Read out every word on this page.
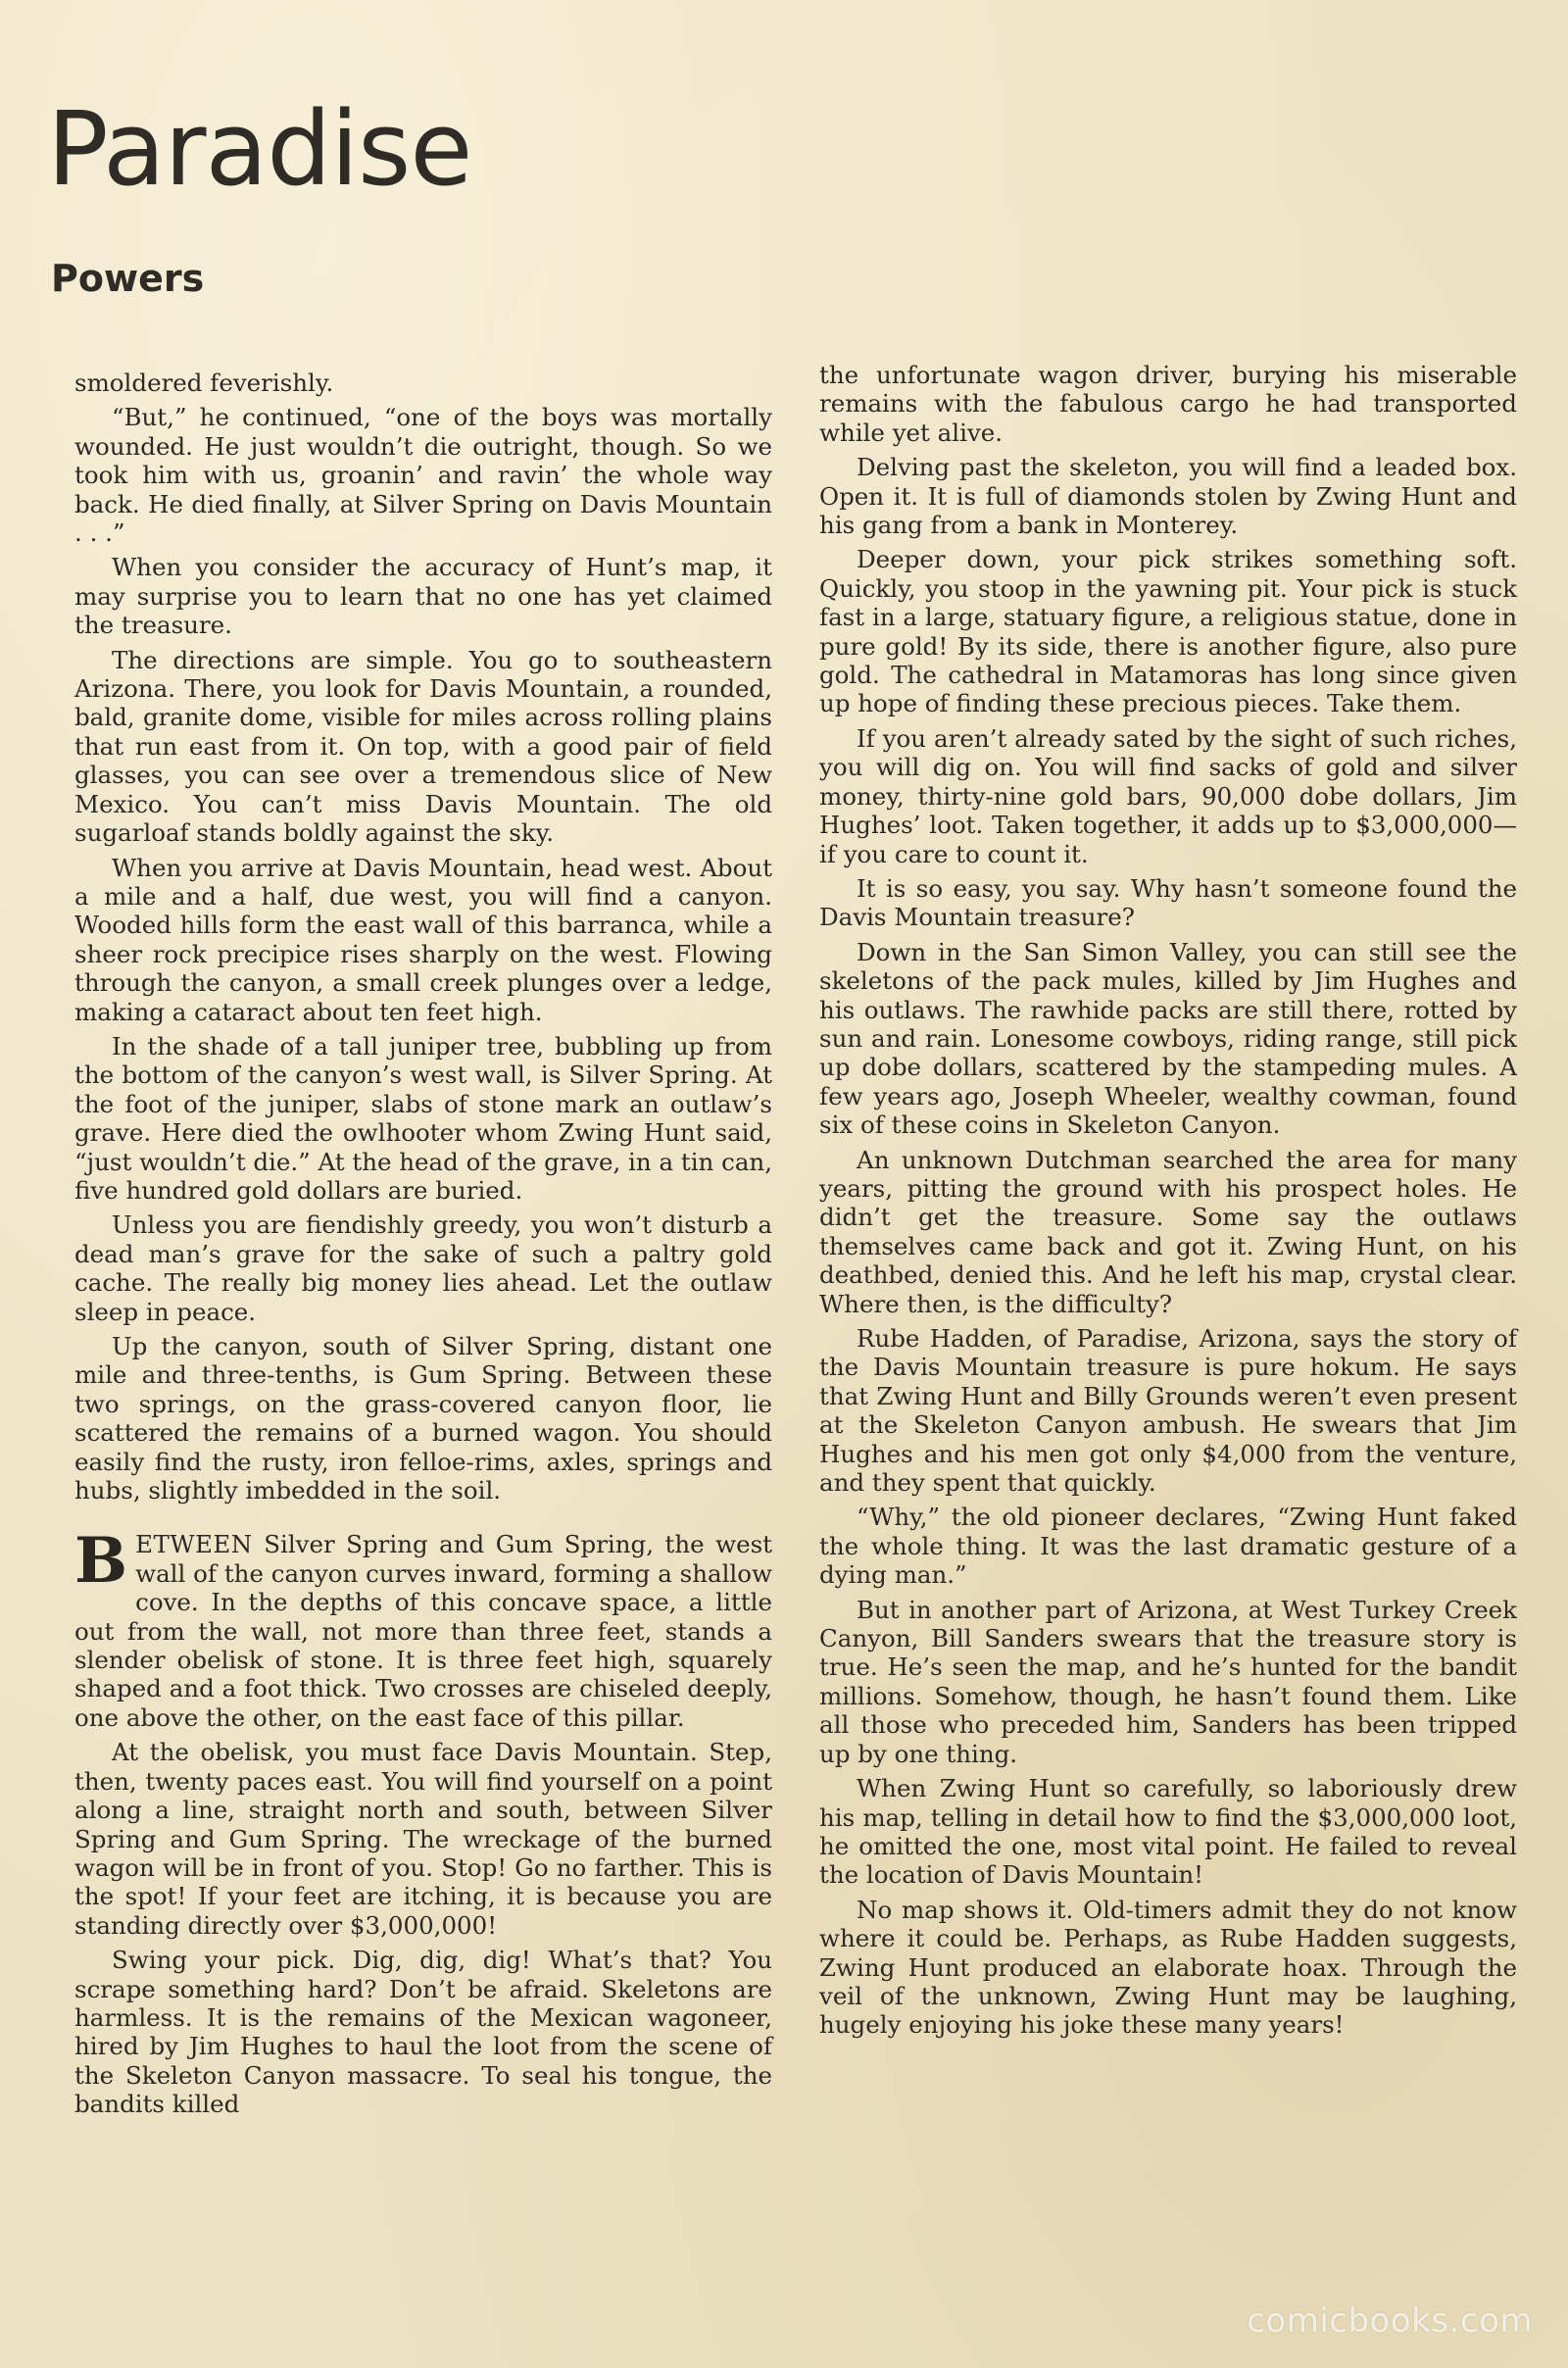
Paradise
Powers

smoldered feverishly.

“But,” he continued, “one of the boys was mortally wounded. He just wouldn’t die outright, though. So we took him with us, groanin’ and ravin’ the whole way back. He died finally, at Silver Spring on Davis Mountain . . .”

When you consider the accuracy of Hunt’s map, it may surprise you to learn that no one has yet claimed the treasure.

The directions are simple. You go to southeastern Arizona. There, you look for Davis Mountain, a rounded, bald, granite dome, visible for miles across rolling plains that run east from it. On top, with a good pair of field glasses, you can see over a tremendous slice of New Mexico. You can’t miss Davis Mountain. The old sugarloaf stands boldly against the sky.

When you arrive at Davis Mountain, head west. About a mile and a half, due west, you will find a canyon. Wooded hills form the east wall of this barranca, while a sheer rock precipice rises sharply on the west. Flowing through the canyon, a small creek plunges over a ledge, making a cataract about ten feet high.

In the shade of a tall juniper tree, bubbling up from the bottom of the canyon’s west wall, is Silver Spring. At the foot of the juniper, slabs of stone mark an outlaw’s grave. Here died the owlhooter whom Zwing Hunt said, “just wouldn’t die.” At the head of the grave, in a tin can, five hundred gold dollars are buried.

Unless you are fiendishly greedy, you won’t disturb a dead man’s grave for the sake of such a paltry gold cache. The really big money lies ahead. Let the outlaw sleep in peace.

Up the canyon, south of Silver Spring, distant one mile and three-tenths, is Gum Spring. Between these two springs, on the grass-covered canyon floor, lie scattered the remains of a burned wagon. You should easily find the rusty, iron felloe-rims, axles, springs and hubs, slightly imbedded in the soil.

BETWEEN Silver Spring and Gum Spring, the west wall of the canyon curves inward, forming a shallow cove. In the depths of this concave space, a little out from the wall, not more than three feet, stands a slender obelisk of stone. It is three feet high, squarely shaped and a foot thick. Two crosses are chiseled deeply, one above the other, on the east face of this pillar.

At the obelisk, you must face Davis Mountain. Step, then, twenty paces east. You will find yourself on a point along a line, straight north and south, between Silver Spring and Gum Spring. The wreckage of the burned wagon will be in front of you. Stop! Go no farther. This is the spot! If your feet are itching, it is because you are standing directly over $3,000,000!

Swing your pick. Dig, dig, dig! What’s that? You scrape something hard? Don’t be afraid. Skeletons are harmless. It is the remains of the Mexican wagoneer, hired by Jim Hughes to haul the loot from the scene of the Skeleton Canyon massacre. To seal his tongue, the bandits killed

the unfortunate wagon driver, burying his miserable remains with the fabulous cargo he had transported while yet alive.

Delving past the skeleton, you will find a leaded box. Open it. It is full of diamonds stolen by Zwing Hunt and his gang from a bank in Monterey.

Deeper down, your pick strikes something soft. Quickly, you stoop in the yawning pit. Your pick is stuck fast in a large, statuary figure, a religious statue, done in pure gold! By its side, there is another figure, also pure gold. The cathedral in Matamoras has long since given up hope of finding these precious pieces. Take them.

If you aren’t already sated by the sight of such riches, you will dig on. You will find sacks of gold and silver money, thirty-nine gold bars, 90,000 dobe dollars, Jim Hughes’ loot. Taken together, it adds up to $3,000,000—if you care to count it.

It is so easy, you say. Why hasn’t someone found the Davis Mountain treasure?

Down in the San Simon Valley, you can still see the skeletons of the pack mules, killed by Jim Hughes and his outlaws. The rawhide packs are still there, rotted by sun and rain. Lonesome cowboys, riding range, still pick up dobe dollars, scattered by the stampeding mules. A few years ago, Joseph Wheeler, wealthy cowman, found six of these coins in Skeleton Canyon.

An unknown Dutchman searched the area for many years, pitting the ground with his prospect holes. He didn’t get the treasure. Some say the outlaws themselves came back and got it. Zwing Hunt, on his deathbed, denied this. And he left his map, crystal clear. Where then, is the difficulty?

Rube Hadden, of Paradise, Arizona, says the story of the Davis Mountain treasure is pure hokum. He says that Zwing Hunt and Billy Grounds weren’t even present at the Skeleton Canyon ambush. He swears that Jim Hughes and his men got only $4,000 from the venture, and they spent that quickly.

“Why,” the old pioneer declares, “Zwing Hunt faked the whole thing. It was the last dramatic gesture of a dying man.”

But in another part of Arizona, at West Turkey Creek Canyon, Bill Sanders swears that the treasure story is true. He’s seen the map, and he’s hunted for the bandit millions. Somehow, though, he hasn’t found them. Like all those who preceded him, Sanders has been tripped up by one thing.

When Zwing Hunt so carefully, so laboriously drew his map, telling in detail how to find the $3,000,000 loot, he omitted the one, most vital point. He failed to reveal the location of Davis Mountain!

No map shows it. Old-timers admit they do not know where it could be. Perhaps, as Rube Hadden suggests, Zwing Hunt produced an elaborate hoax. Through the veil of the unknown, Zwing Hunt may be laughing, hugely enjoying his joke these many years!

comicbooks.com
